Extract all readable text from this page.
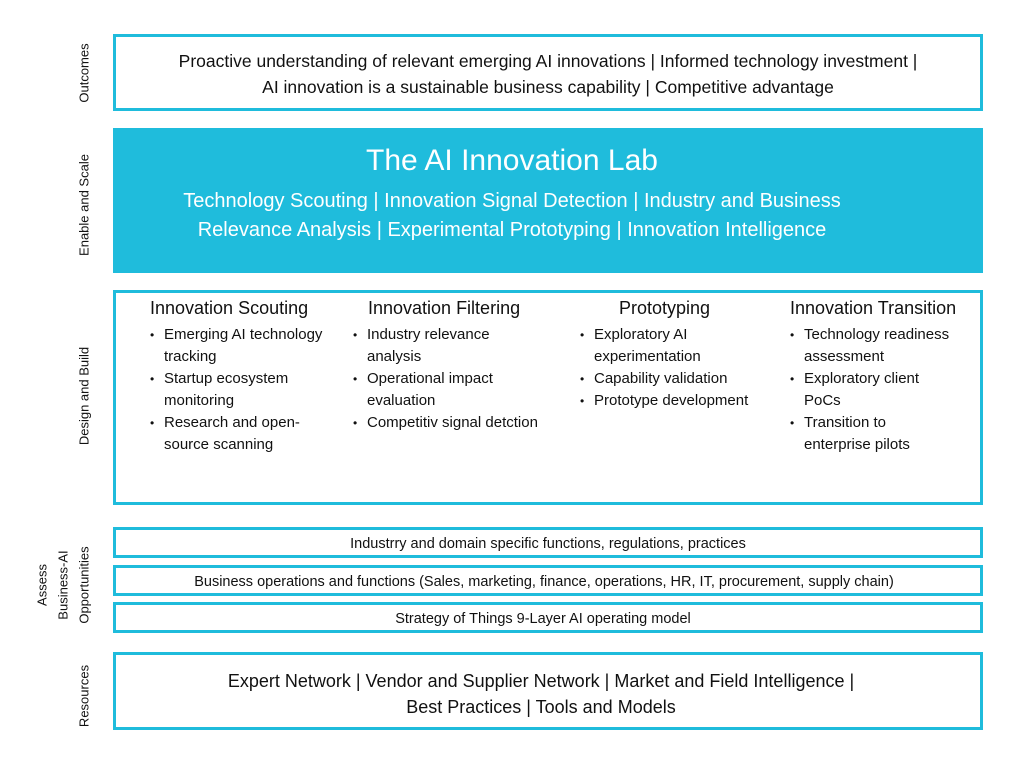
Outcomes
Enable and Scale
Design and Build
Assess Business-AI Opportunities
Resources
Proactive understanding of relevant emerging AI innovations | Informed technology investment |
AI innovation is a sustainable business capability | Competitive advantage
The AI Innovation Lab
Technology Scouting | Innovation Signal Detection | Industry and Business Relevance Analysis | Experimental Prototyping | Innovation Intelligence
Innovation Scouting
• Emerging AI technology tracking
• Startup ecosystem monitoring
• Research and open-source scanning
Innovation Filtering
• Industry relevance analysis
• Operational impact evaluation
• Competitiv signal detction
Prototyping
• Exploratory AI experimentation
• Capability validation
• Prototype development
Innovation Transition
• Technology readiness assessment
• Exploratory client PoCs
• Transition to enterprise pilots
Industrry and domain specific functions, regulations, practices
Business operations and functions (Sales, marketing, finance, operations, HR, IT, procurement, supply chain)
Strategy of Things 9-Layer AI operating model
Expert Network | Vendor and Supplier Network | Market and Field Intelligence |
Best Practices | Tools and Models
